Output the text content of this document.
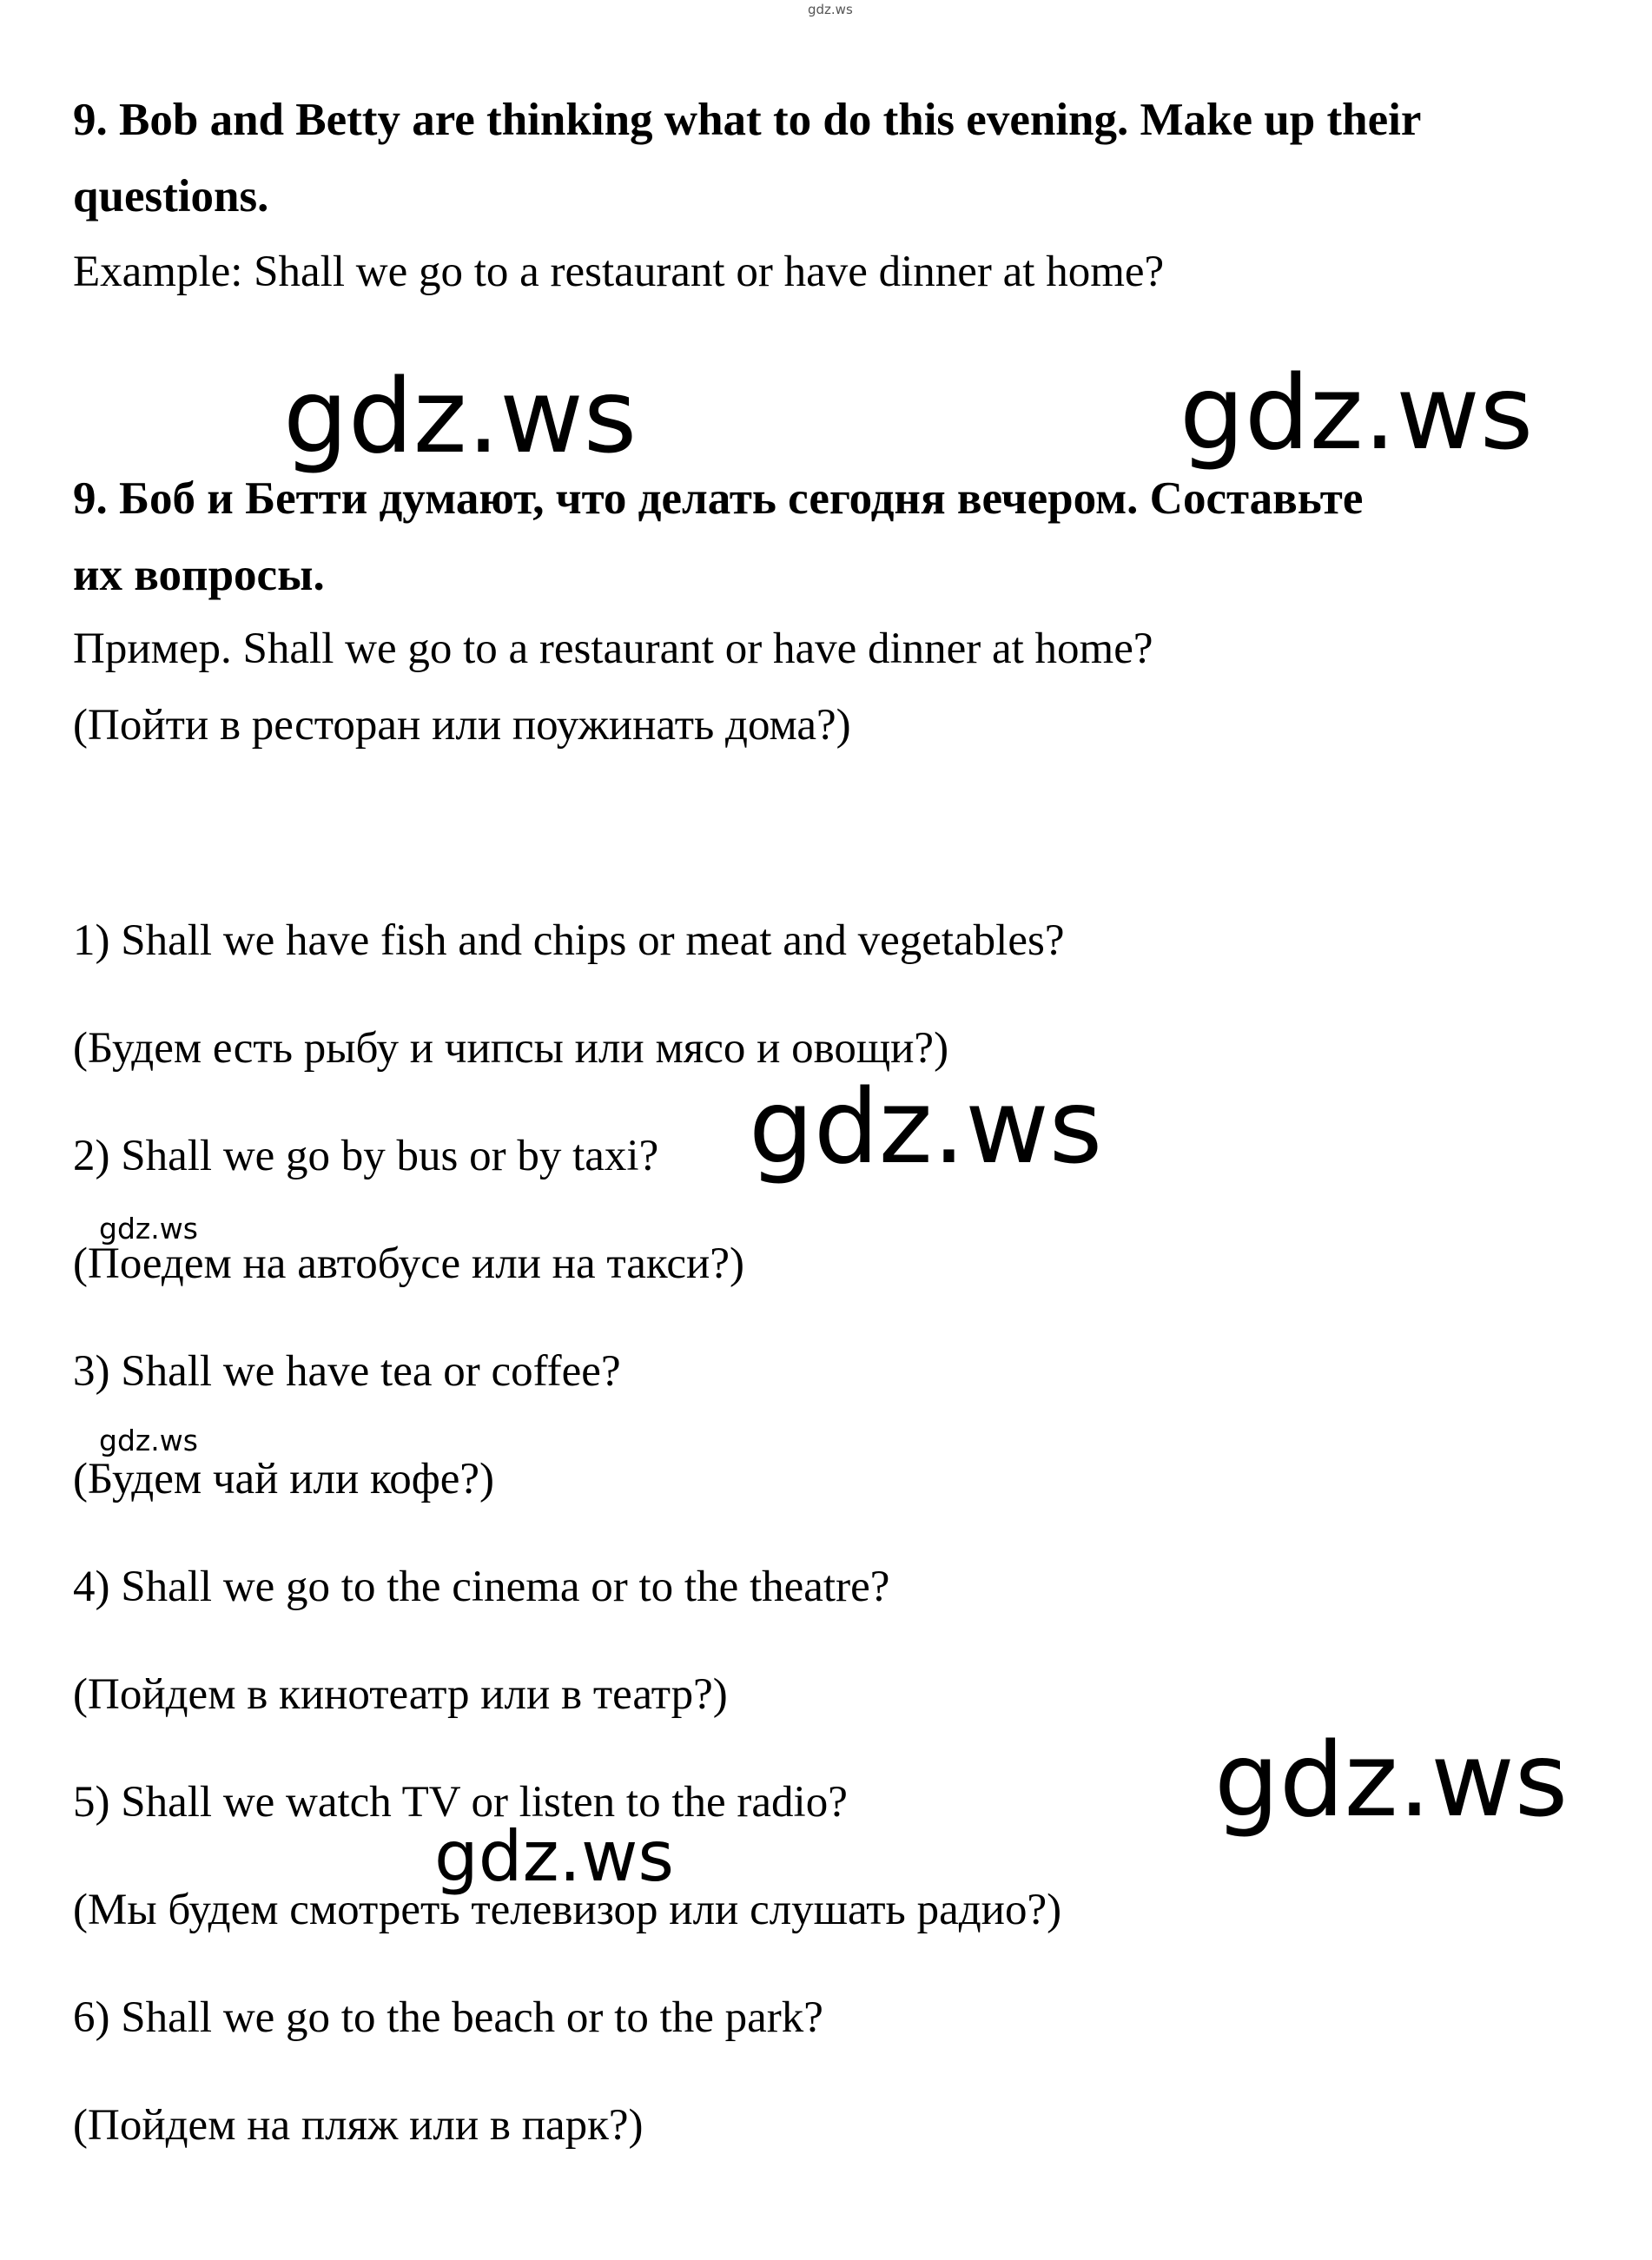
gdz.ws

9. Bob and Betty are thinking what to do this evening. Make up their

questions.

Example: Shall we go to a restaurant or have dinner at home?

gdz.ws	gdz.ws

9. Боб и Бетти думают, что делать сегодня вечером. Составьте

их вопросы.

Пример. Shall we go to a restaurant or have dinner at home?

(Пойти в ресторан или поужинать дома?)

1) Shall we have fish and chips or meat and vegetables?

(Будем есть рыбу и чипсы или мясо и овощи?)

2) Shall we go by bus or by taxi? gdz.ws
gdz.ws

(Поедем на автобусе или на такси?)

3) Shall we have tea or coffee?

gdz.ws

(Будем чай или кофе?)

4) Shall we go to the cinema or to the theatre?

(Пойдем в кинотеатр или в театр?)

5) Shall we watch TV or listen to the radio?	gdz.ws
gdz.ws

(Мы будем смотреть телевизор или слушать радио?)

6) Shall we go to the beach or to the park?

(Пойдем на пляж или в парк?)
